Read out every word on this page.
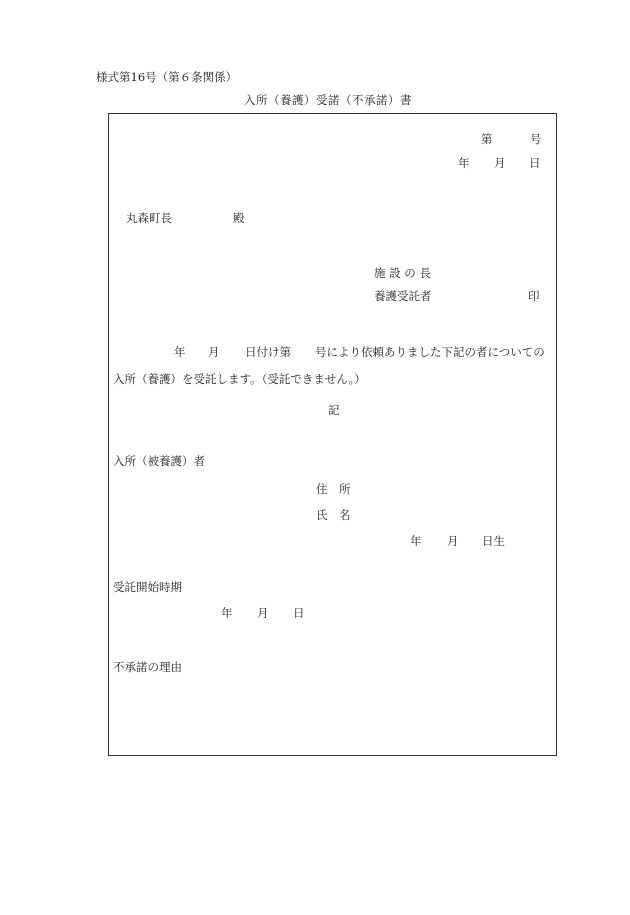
様式第16号（第６条関係）
入所（養護）受諾（不承諾）書
第	号
年 月 日
丸森町長	殿
施 設 の 長
養護受託者	印
年 月 日付け第 号により依頼ありました下記の者についての
入所（養護）を受託します。（受託できません。）
記
入所（被養護）者
住　所
氏　名
年 月 日生
受託開始時期
年 月 日
不承諾の理由
